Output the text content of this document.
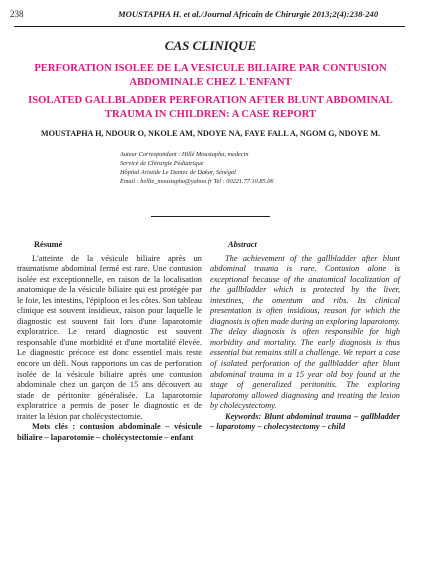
238	MOUSTAPHA H. et al./Journal Africain de Chirurgie 2013;2(4):238-240
CAS CLINIQUE
PERFORATION ISOLEE DE LA VESICULE BILIAIRE PAR CONTUSION ABDOMINALE CHEZ L'ENFANT
ISOLATED GALLBLADDER PERFORATION AFTER BLUNT ABDOMINAL TRAUMA IN CHILDREN: A CASE REPORT
MOUSTAPHA H, NDOUR O, NKOLE AM, NDOYE NA, FAYE FALL A, NGOM G, NDOYE M.
Auteur Correspondant : Hillé Moustapha, medecin
Service de Chirurgie Pédiatrique
Hôpital Aristide Le Dantec de Dakar, Sénégal
Email : hellie_moustapha@yahoo.fr Tel : 00221.77.10.85.06
Résumé

L'atteinte de la vésicule biliaire après un traumatisme abdominal fermé est rare. Une contusion isolée est exceptionnelle, en raison de la localisation anatomique de la vésicule biliaire qui est protégée par le foie, les intestins, l'épiploon et les côtes. Son tableau clinique est souvent insidieux, raison pour laquelle le diagnostic est souvent fait lors d'une laparotomie exploratrice. Le retard diagnostic est souvent responsable d'une morbidité et d'une mortalité élevée. Le diagnostic précoce est donc essentiel mais reste encore un défi. Nous rapportons un cas de perforation isolée de la vésicule biliaire après une contusion abdominale chez un garçon de 15 ans découvert au stade de péritonite généralisée. La laparotomie exploratrice a permis de poser le diagnostic et de traiter la lésion par cholécystectomie.

Mots clés : contusion abdominale – vésicule biliaire – laparotomie – cholécystectomie – enfant

Abstract

The achievement of the gallbladder after blunt abdominal trauma is rare. Contusion alone is exceptional because of the anatomical localization of the gallbladder which is protected by the liver, intestines, the omentum and ribs. Its clinical presentation is often insidious, reason for which the diagnosis is often made during an exploring laparotomy. The delay diagnosis is often responsible for high morbidity and mortality. The early diagnosis is thus essential but remains still a challenge. We report a case of isolated perforation of the gallbladder after blunt abdominal trauma in a 15 year old boy found at the stage of generalized peritonitis. The exploring laparotomy allowed diagnosing and treating the lesion by cholecystectomy.

Keywords: Blunt abdominal trauma – gallbladder – laparotomy – cholecystectomy – child
